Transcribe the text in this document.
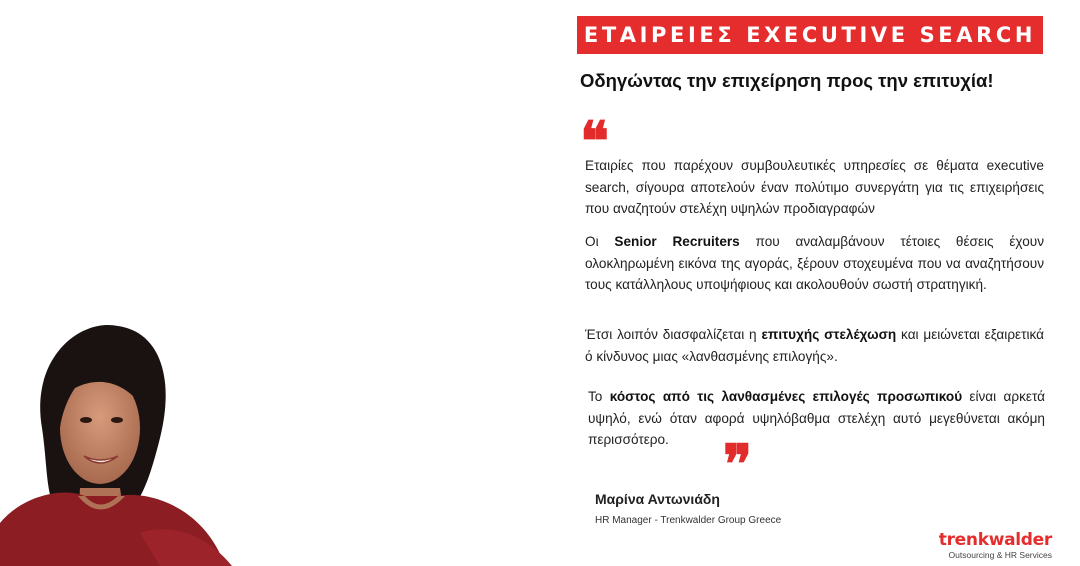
ΕΤΑΙΡΕΙΕΣ EXECUTIVE SEARCH
Οδηγώντας την επιχείρηση προς την επιτυχία!
❝
Εταιρίες που παρέχουν συμβουλευτικές υπηρεσίες σε θέματα executive search, σίγουρα αποτελούν έναν πολύτιμο συνεργάτη για τις επιχειρήσεις που αναζητούν στελέχη υψηλών προδιαγραφών
Οι Senior Recruiters που αναλαμβάνουν τέτοιες θέσεις έχουν ολοκληρωμένη εικόνα της αγοράς, ξέρουν στοχευμένα που να αναζητήσουν τους κατάλληλους υποψήφιους και ακολουθούν σωστή στρατηγική.
Έτσι λοιπόν διασφαλίζεται η επιτυχής στελέχωση και μειώνεται εξαιρετικά ό κίνδυνος μιας «λανθασμένης επιλογής».
Το κόστος από τις λανθασμένες επιλογές προσωπικού είναι αρκετά υψηλό, ενώ όταν αφορά υψηλόβαθμα στελέχη αυτό μεγεθύνεται ακόμη περισσότερο.	❞
Μαρίνα Αντωνιάδη
HR Manager - Trenkwalder Group Greece
trenkwalder
Outsourcing & HR Services
